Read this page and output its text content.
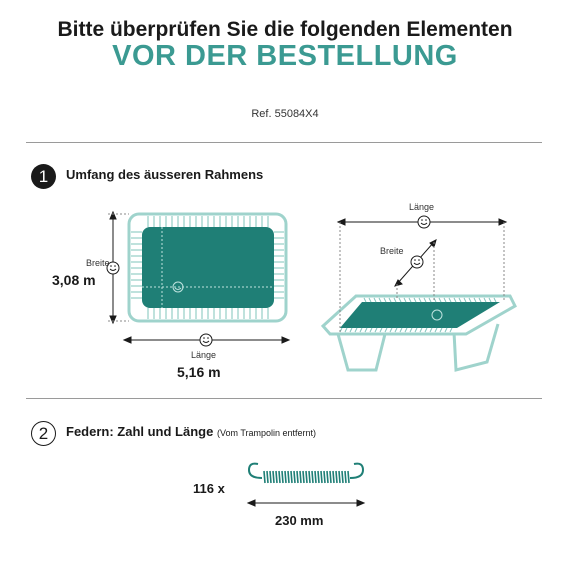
Bitte überprüfen Sie die folgenden Elementen
VOR DER BESTELLUNG
Ref. 55084X4
1	Umfang des äusseren Rahmens
Breite
3,08 m
Länge
5,16 m
Länge
Breite
2	Federn: Zahl und Länge (Vom Trampolin entfernt)
116 x
230 mm
